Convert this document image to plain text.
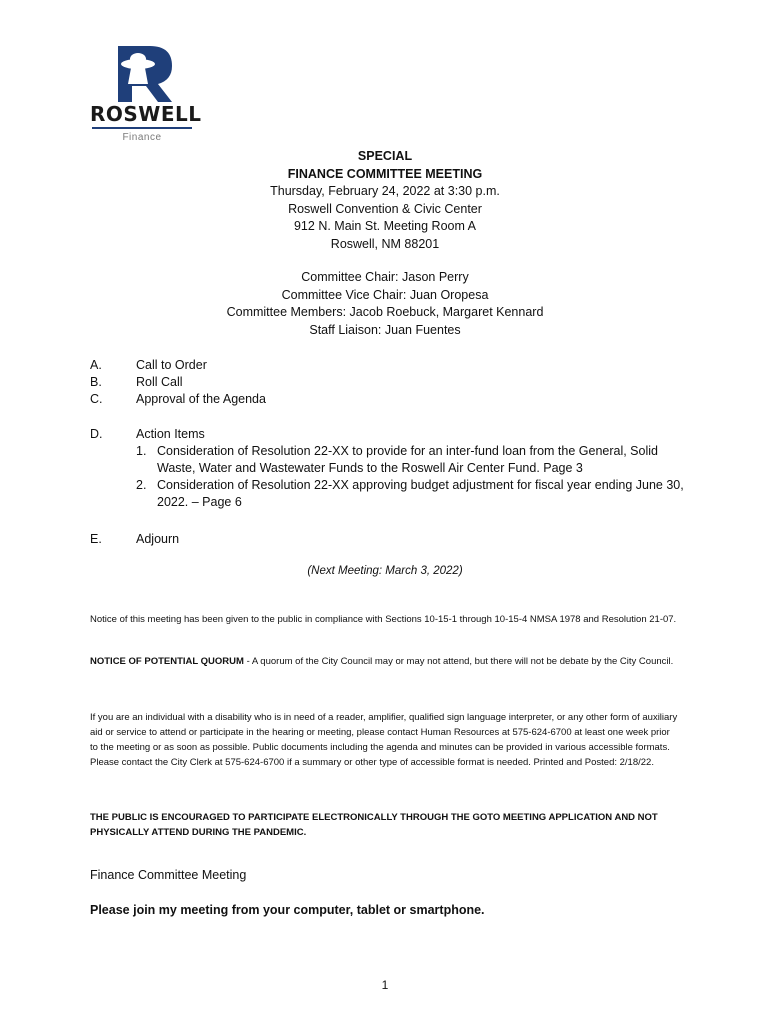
ROSWELL
Finance
SPECIAL
FINANCE COMMITTEE MEETING
Thursday, February 24, 2022 at 3:30 p.m.
Roswell Convention & Civic Center
912 N. Main St. Meeting Room A
Roswell, NM 88201
Committee Chair: Jason Perry
Committee Vice Chair: Juan Oropesa
Committee Members: Jacob Roebuck, Margaret Kennard
Staff Liaison: Juan Fuentes
A.	Call to Order
B.	Roll Call
C.	Approval of the Agenda
D.	Action Items
1. Consideration of Resolution 22-XX to provide for an inter-fund loan from the General, Solid Waste, Water and Wastewater Funds to the Roswell Air Center Fund. Page 3
2. Consideration of Resolution 22-XX approving budget adjustment for fiscal year ending June 30, 2022. – Page 6
E.	Adjourn
(Next Meeting: March 3, 2022)
Notice of this meeting has been given to the public in compliance with Sections 10-15-1 through 10-15-4 NMSA 1978 and Resolution 21-07.
NOTICE OF POTENTIAL QUORUM - A quorum of the City Council may or may not attend, but there will not be debate by the City Council.
If you are an individual with a disability who is in need of a reader, amplifier, qualified sign language interpreter, or any other form of auxiliary aid or service to attend or participate in the hearing or meeting, please contact Human Resources at 575-624-6700 at least one week prior to the meeting or as soon as possible. Public documents including the agenda and minutes can be provided in various accessible formats. Please contact the City Clerk at 575-624-6700 if a summary or other type of accessible format is needed. Printed and Posted: 2/18/22.
THE PUBLIC IS ENCOURAGED TO PARTICIPATE ELECTRONICALLY THROUGH THE GOTO MEETING APPLICATION AND NOT PHYSICALLY ATTEND DURING THE PANDEMIC.
Finance Committee Meeting
Please join my meeting from your computer, tablet or smartphone.
1
